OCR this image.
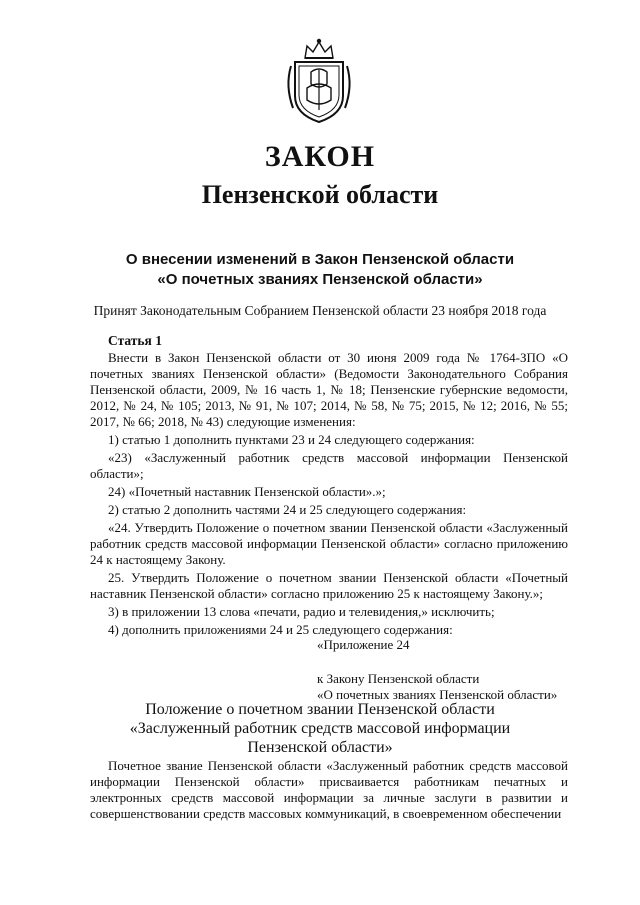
ЗАКОН
Пензенской области
О внесении изменений в Закон Пензенской области
«О почетных званиях Пензенской области»
Принят Законодательным Собранием Пензенской области 23 ноября 2018 года
Статья 1

Внести в Закон Пензенской области от 30 июня 2009 года № 1764-ЗПО «О почетных званиях Пензенской области» (Ведомости Законодательного Собрания Пензенской области, 2009, № 16 часть 1, № 18; Пензенские губернские ведомости, 2012, № 24, № 105; 2013, № 91, № 107; 2014, № 58, № 75; 2015, № 12; 2016, № 55; 2017, № 66; 2018, № 43) следующие изменения:

1) статью 1 дополнить пунктами 23 и 24 следующего содержания:

«23) «Заслуженный работник средств массовой информации Пензенской области»;

24) «Почетный наставник Пензенской области».»;

2) статью 2 дополнить частями 24 и 25 следующего содержания:

«24. Утвердить Положение о почетном звании Пензенской области «Заслуженный работник средств массовой информации Пензенской области» согласно приложению 24 к настоящему Закону.

25. Утвердить Положение о почетном звании Пензенской области «Почетный наставник Пензенской области» согласно приложению 25 к настоящему Закону.»;

3) в приложении 13 слова «печати, радио и телевидения,» исключить;

4) дополнить приложениями 24 и 25 следующего содержания:

«Приложение 24
к Закону Пензенской области
«О почетных званиях Пензенской области»
Положение о почетном звании Пензенской области
«Заслуженный работник средств массовой информации
Пензенской области»

Почетное звание Пензенской области «Заслуженный работник средств массовой информации Пензенской области» присваивается работникам печатных и электронных средств массовой информации за личные заслуги в развитии и совершенствовании средств массовых коммуникаций, в своевременном обеспечении
